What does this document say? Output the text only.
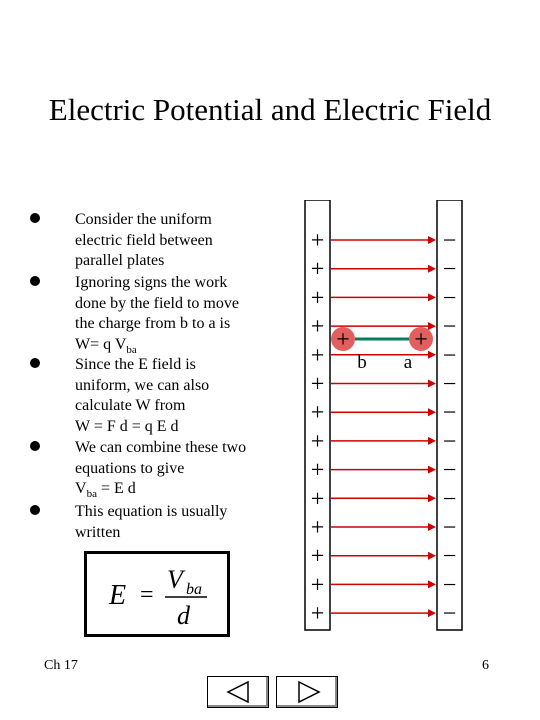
Electric Potential and Electric Field
Consider the uniform
electric field between
parallel plates
Ignoring signs the work
done by the field to move
the charge from b to a is
W= q $V_{ba}$
Since the E field is
uniform, we can also
calculate W from
W = F d = q E d
We can combine these two
equations to give
$V_{ba} = E$ d
This equation is usually
written
E =
V ba
d
+
+
+
+
+
+
+
+
+
+
+
+
+
+
−
−
−
−
−
−
−
−
−
−
−
−
−
−
+	+
b a
Ch 17	6
